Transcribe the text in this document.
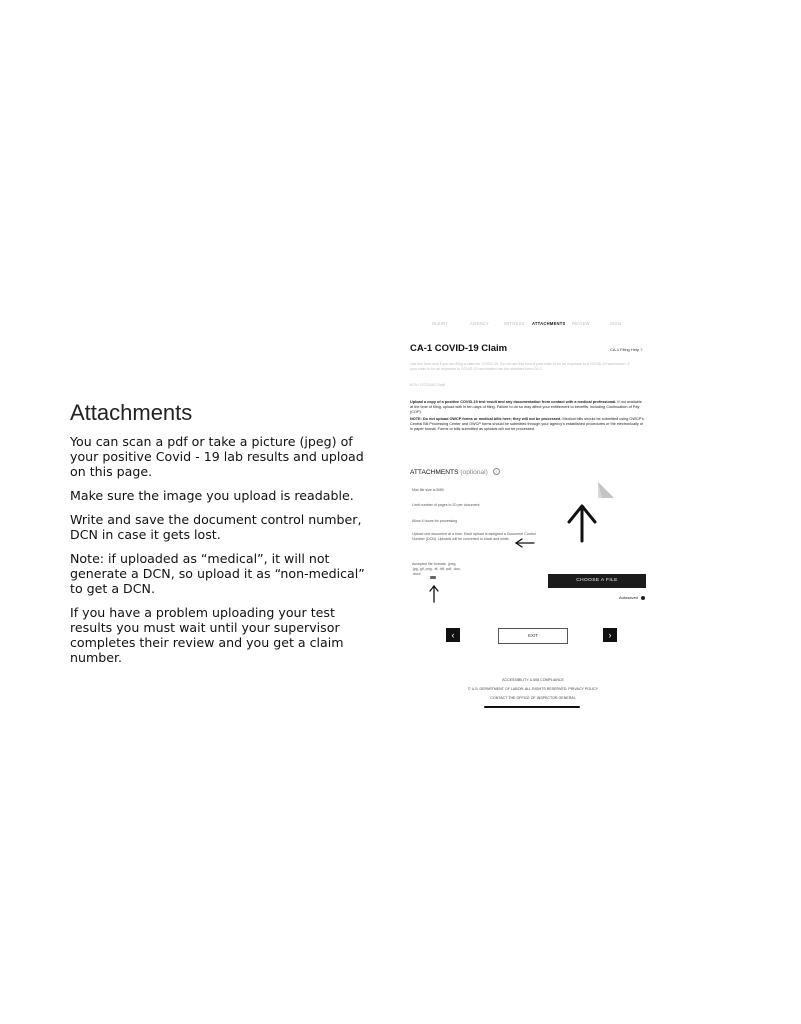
Attachments

You can scan a pdf or take a picture (jpeg) of your positive Covid - 19 lab results and upload on this page.

Make sure the image you upload is readable.

Write and save the document control number, DCN in case it gets lost.

Note: if uploaded as “medical”, it will not generate a DCN, so upload it as “non-medical” to get a DCN.

If you have a problem uploading your test results you must wait until your supervisor completes their review and you get a claim number.

INJURY	AGENCY	WITNESS ATTACHMENTS REVIEW	SIGN
CA-1 COVID-19 Claim	CA-1 Filing Help ?
Use this form only if you are filing a claim for COVID-19. Do not use this form if your claim is for an exposure to a COVID-19 vaccination. If your claim is for an exposure to COVID-19 vaccination use the standard form CA-1.
ECN: 1572344C Draft

Upload a copy of a positive COVID-19 test result and any documentation from contact with a medical professional. If not available at the time of filing, upload with in ten days of filing. Failure to do so may affect your entitlement to benefits, including Continuation of Pay (COP).

NOTE: Do not upload OWCP forms or medical bills here; they will not be processed. Medical bills should be submitted using OWCP's Central Bill Processing Center and OWCP forms should be submitted through your agency's established procedures or the electronically or in paper format. Forms or bills submitted as uploads will not be processed.

ATTACHMENTS (optional) ?
Max file size is 5MB
Limit number of pages to 20 per document
Allow 4 hours for processing
Upload one document at a time. Each upload is assigned a Document Control Number (DCN). Uploads will be converted to black and white.
Accepted file formats: .jpeg, .jpg, gif, png, .tif, .tiff, pdf, .doc, .docx
CHOOSE A FILE
Autosaved
‹	EXIT	›
ACCESSIBILITY & 508 COMPLIANCE
© U.S. DEPARTMENT OF LABOR. ALL RIGHTS RESERVED. PRIVACY POLICY
CONTACT THE OFFICE OF INSPECTOR GENERAL
